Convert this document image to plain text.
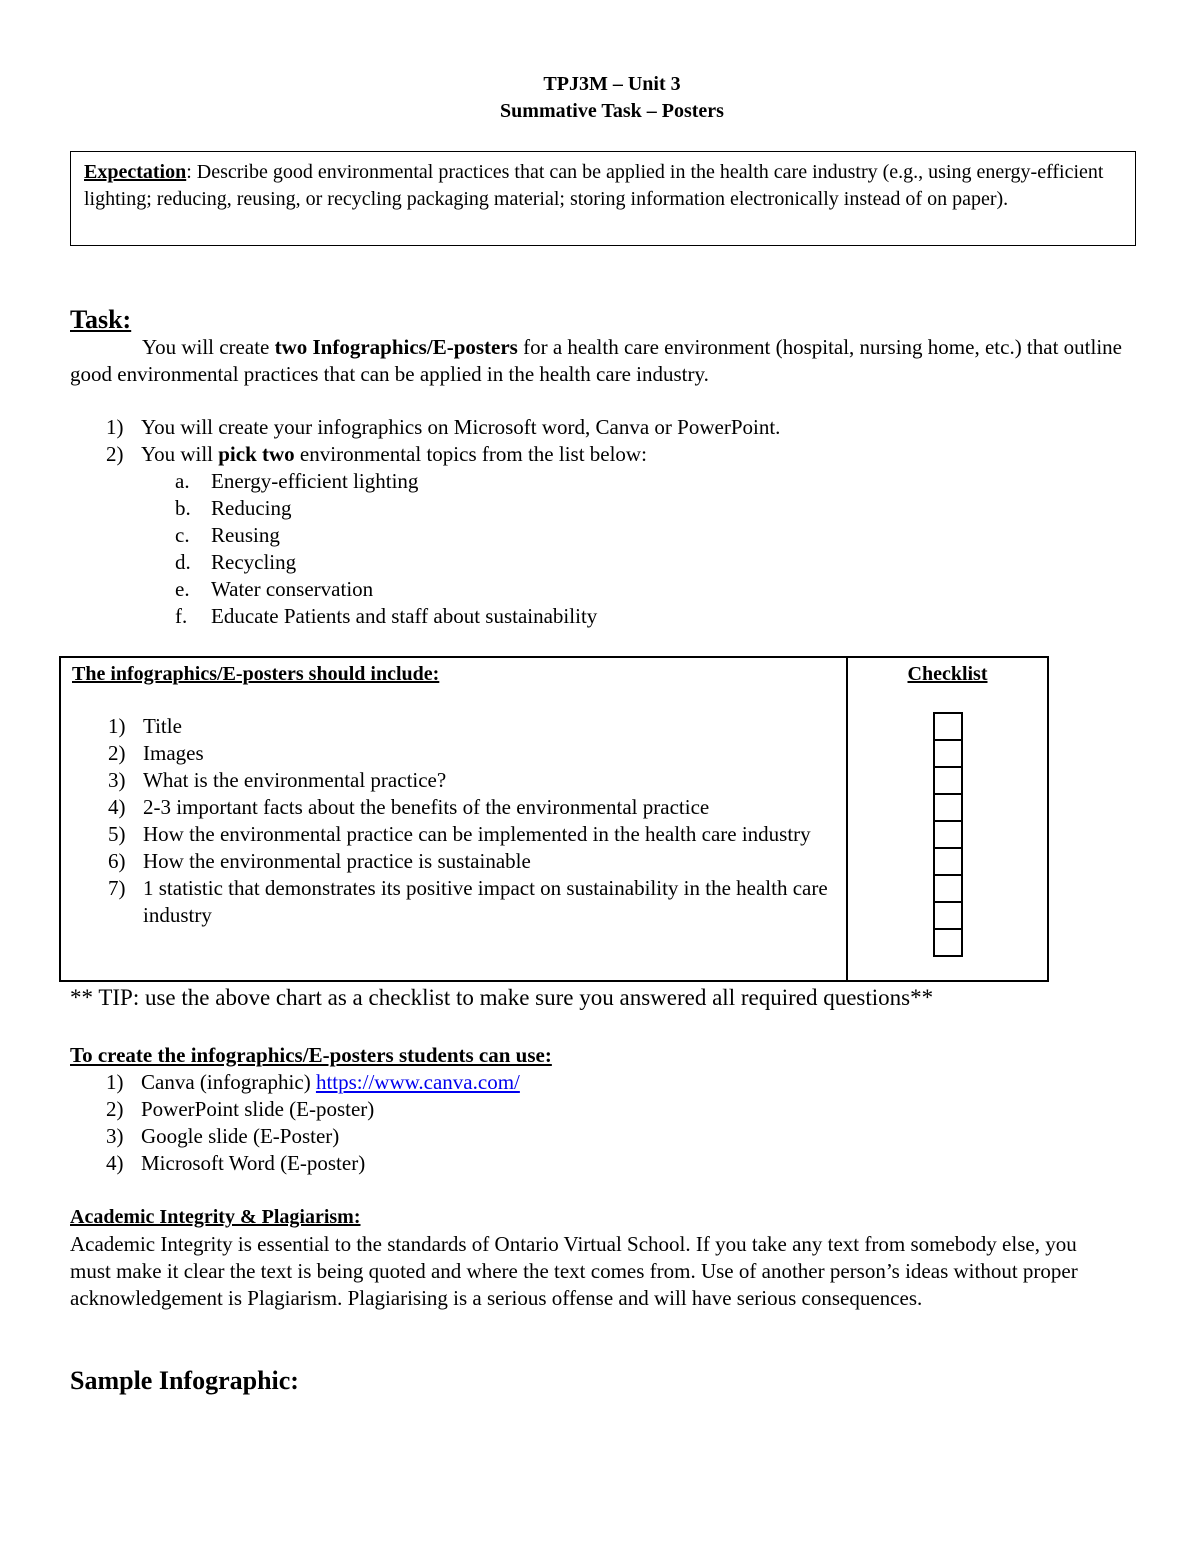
TPJ3M – Unit 3
Summative Task – Posters
Expectation: Describe good environmental practices that can be applied in the health care industry (e.g., using energy-efficient lighting; reducing, reusing, or recycling packaging material; storing information electronically instead of on paper).
Task:
You will create two Infographics/E-posters for a health care environment (hospital, nursing home, etc.) that outline good environmental practices that can be applied in the health care industry.
1) You will create your infographics on Microsoft word, Canva or PowerPoint.
2) You will pick two environmental topics from the list below:
a. Energy-efficient lighting
b. Reducing
c. Reusing
d. Recycling
e. Water conservation
f. Educate Patients and staff about sustainability
The infographics/E-posters should include:	Checklist
1) Title
2) Images
3) What is the environmental practice?
4) 2-3 important facts about the benefits of the environmental practice
5) How the environmental practice can be implemented in the health care industry
6) How the environmental practice is sustainable
7) 1 statistic that demonstrates its positive impact on sustainability in the health care industry
** TIP: use the above chart as a checklist to make sure you answered all required questions**
To create the infographics/E-posters students can use:
1) Canva (infographic) https://www.canva.com/
2) PowerPoint slide (E-poster)
3) Google slide (E-Poster)
4) Microsoft Word (E-poster)
Academic Integrity & Plagiarism:
Academic Integrity is essential to the standards of Ontario Virtual School. If you take any text from somebody else, you must make it clear the text is being quoted and where the text comes from. Use of another person’s ideas without proper acknowledgement is Plagiarism. Plagiarising is a serious offense and will have serious consequences.
Sample Infographic:
